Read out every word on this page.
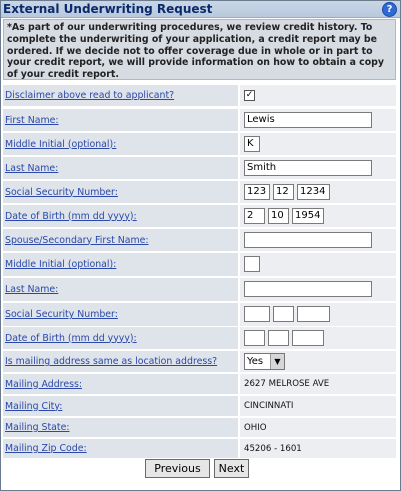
External Underwriting Request	?
*As part of our underwriting procedures, we review credit history. To complete the underwriting of your application, a credit report may be ordered. If we decide not to offer coverage due in whole or in part to your credit report, we will provide information on how to obtain a copy of your credit report.
Disclaimer above read to applicant?	✓
First Name:	Lewis
Middle Initial (optional):	K
Last Name:	Smith
Social Security Number:	123 12	1234
Date of Birth (mm dd yyyy):	2	10	1954
Spouse/Secondary First Name:
Middle Initial (optional):
Last Name:
Social Security Number:
Date of Birth (mm dd yyyy):
Is mailing address same as location address?	Yes	▼
Mailing Address:	2627 MELROSE AVE
Mailing City:	CINCINNATI
Mailing State:	OHIO
Mailing Zip Code:	45206 - 1601
Previous	Next
